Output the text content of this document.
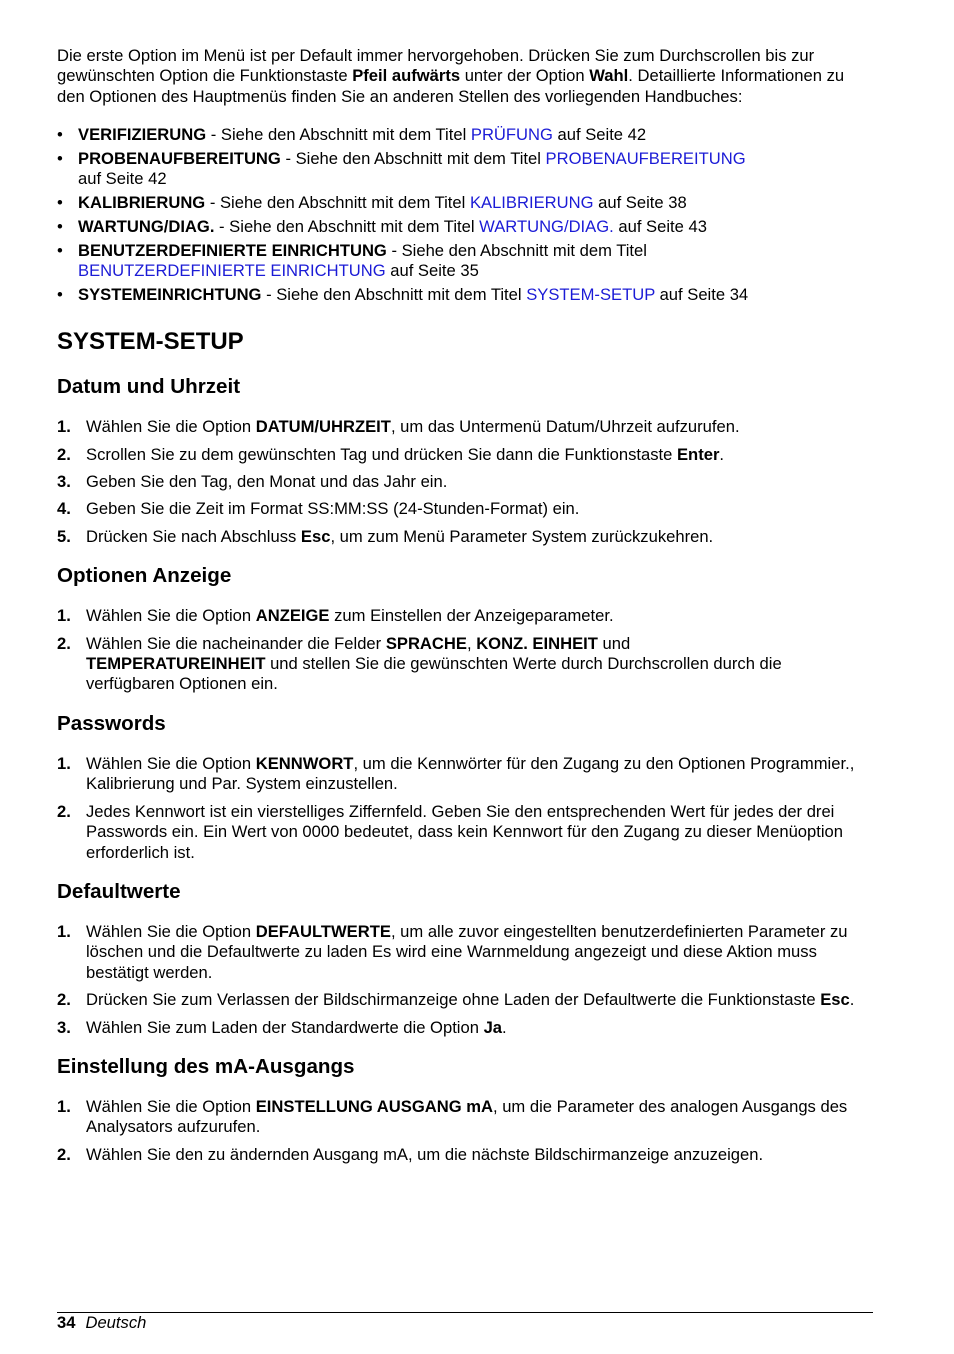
Die erste Option im Menü ist per Default immer hervorgehoben. Drücken Sie zum Durchscrollen bis zur gewünschten Option die Funktionstaste Pfeil aufwärts unter der Option Wahl. Detaillierte Informationen zu den Optionen des Hauptmenüs finden Sie an anderen Stellen des vorliegenden Handbuches:

• VERIFIZIERUNG - Siehe den Abschnitt mit dem Titel PRÜFUNG auf Seite 42
• PROBENAUFBEREITUNG - Siehe den Abschnitt mit dem Titel PROBENAUFBEREITUNG
auf Seite 42
• KALIBRIERUNG - Siehe den Abschnitt mit dem Titel KALIBRIERUNG auf Seite 38
• WARTUNG/DIAG. - Siehe den Abschnitt mit dem Titel WARTUNG/DIAG. auf Seite 43
• BENUTZERDEFINIERTE EINRICHTUNG - Siehe den Abschnitt mit dem Titel
BENUTZERDEFINIERTE EINRICHTUNG auf Seite 35
• SYSTEMEINRICHTUNG - Siehe den Abschnitt mit dem Titel SYSTEM-SETUP auf Seite 34
SYSTEM-SETUP
Datum und Uhrzeit
1. Wählen Sie die Option DATUM/UHRZEIT, um das Untermenü Datum/Uhrzeit aufzurufen.
2. Scrollen Sie zu dem gewünschten Tag und drücken Sie dann die Funktionstaste Enter.
3. Geben Sie den Tag, den Monat und das Jahr ein.
4. Geben Sie die Zeit im Format SS:MM:SS (24-Stunden-Format) ein.
5. Drücken Sie nach Abschluss Esc, um zum Menü Parameter System zurückzukehren.
Optionen Anzeige
1. Wählen Sie die Option ANZEIGE zum Einstellen der Anzeigeparameter.
2. Wählen Sie die nacheinander die Felder SPRACHE, KONZ. EINHEIT und
TEMPERATUREINHEIT und stellen Sie die gewünschten Werte durch Durchscrollen durch die verfügbaren Optionen ein.
Passwords
1. Wählen Sie die Option KENNWORT, um die Kennwörter für den Zugang zu den Optionen Programmier., Kalibrierung und Par. System einzustellen.
2. Jedes Kennwort ist ein vierstelliges Ziffernfeld. Geben Sie den entsprechenden Wert für jedes der drei Passwords ein. Ein Wert von 0000 bedeutet, dass kein Kennwort für den Zugang zu dieser Menüoption erforderlich ist.
Defaultwerte
1. Wählen Sie die Option DEFAULTWERTE, um alle zuvor eingestellten benutzerdefinierten Parameter zu löschen und die Defaultwerte zu laden Es wird eine Warnmeldung angezeigt und diese Aktion muss bestätigt werden.
2. Drücken Sie zum Verlassen der Bildschirmanzeige ohne Laden der Defaultwerte die Funktionstaste Esc.
3. Wählen Sie zum Laden der Standardwerte die Option Ja.
Einstellung des mA-Ausgangs
1. Wählen Sie die Option EINSTELLUNG AUSGANG mA, um die Parameter des analogen Ausgangs des Analysators aufzurufen.
2. Wählen Sie den zu ändernden Ausgang mA, um die nächste Bildschirmanzeige anzuzeigen.
34 Deutsch
